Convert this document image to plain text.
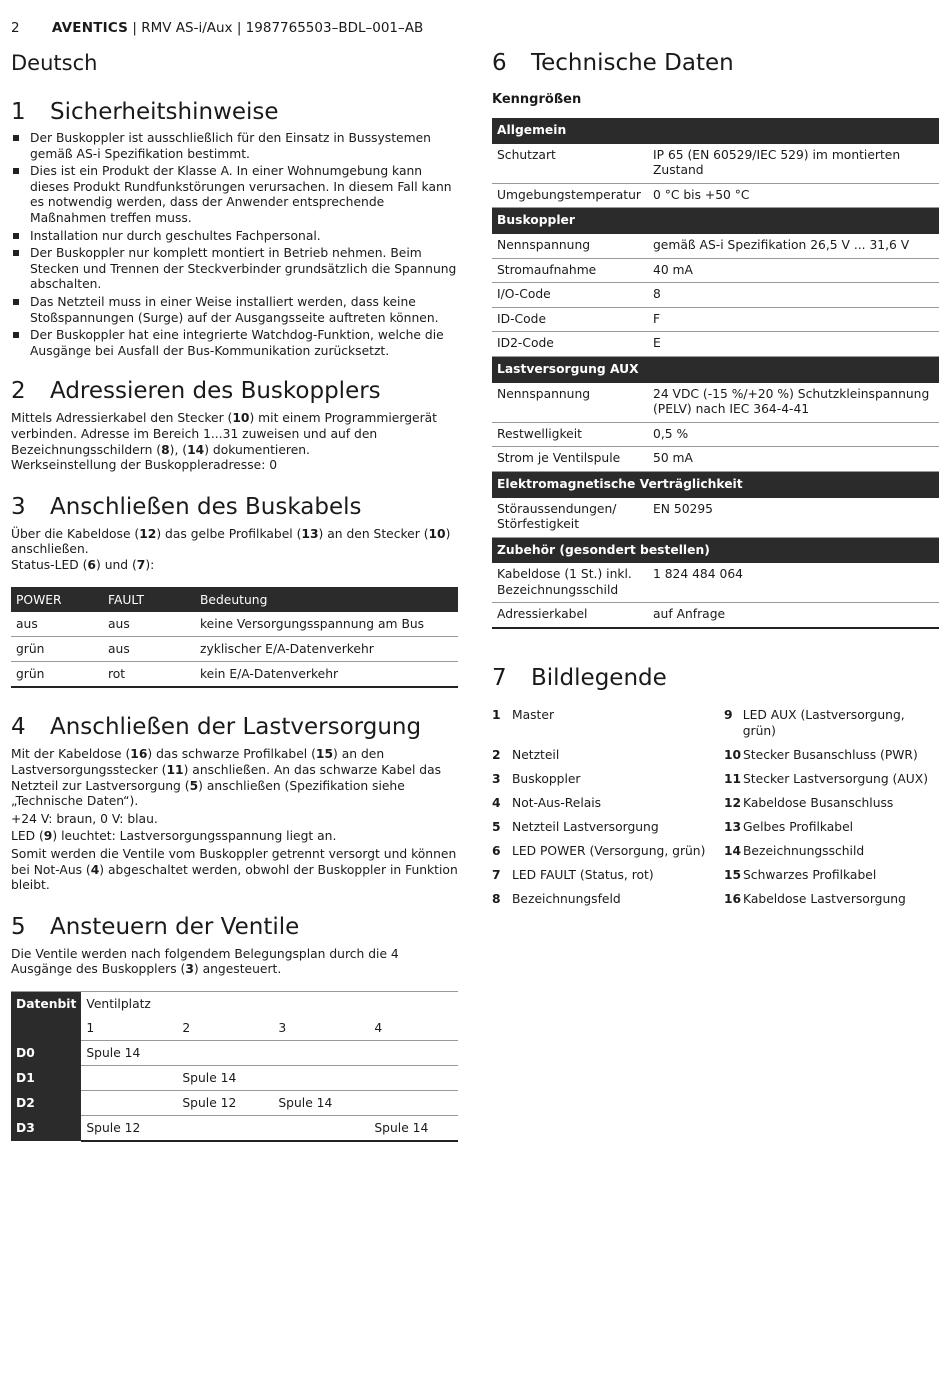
2 AVENTICS | RMV AS-i/Aux | 1987765503–BDL–001–AB
Deutsch
1	Sicherheitshinweise
Der Buskoppler ist ausschließlich für den Einsatz in Bussystemen gemäß AS-i Spezifikation bestimmt.
Dies ist ein Produkt der Klasse A. In einer Wohnumgebung kann dieses Produkt Rundfunkstörungen verursachen. In diesem Fall kann es notwendig werden, dass der Anwender entsprechende Maßnahmen treffen muss.
Installation nur durch geschultes Fachpersonal.
Der Buskoppler nur komplett montiert in Betrieb nehmen. Beim Stecken und Trennen der Steckverbinder grundsätzlich die Spannung abschalten.
Das Netzteil muss in einer Weise installiert werden, dass keine Stoßspannungen (Surge) auf der Ausgangsseite auftreten können.
Der Buskoppler hat eine integrierte Watchdog-Funktion, welche die Ausgänge bei Ausfall der Bus-Kommunikation zurücksetzt.
2	Adressieren des Buskopplers

Mittels Adressierkabel den Stecker (10) mit einem Programmiergerät verbinden. Adresse im Bereich 1...31 zuweisen und auf den Bezeichnungsschildern (8), (14) dokumentieren.

Werkseinstellung der Buskoppleradresse: 0

3	Anschließen des Buskabels

Über die Kabeldose (12) das gelbe Profilkabel (13) an den Stecker (10) anschließen.

Status-LED (6) und (7):

POWER	FAULT	Bedeutung
aus	aus	keine Versorgungsspannung am Bus
grün	aus	zyklischer E/A-Datenverkehr
grün	rot	kein E/A-Datenverkehr
4	Anschließen der Lastversorgung

Mit der Kabeldose (16) das schwarze Profilkabel (15) an den Lastversorgungsstecker (11) anschließen. An das schwarze Kabel das Netzteil zur Lastversorgung (5) anschließen (Spezifikation siehe „Technische Daten“).

+24 V: braun, 0 V: blau.

LED (9) leuchtet: Lastversorgungsspannung liegt an.

Somit werden die Ventile vom Buskoppler getrennt versorgt und können bei Not-Aus (4) abgeschaltet werden, obwohl der Buskoppler in Funktion bleibt.

5	Ansteuern der Ventile

Die Ventile werden nach folgendem Belegungsplan durch die 4 Ausgänge des Buskopplers (3) angesteuert.

Datenbit	Ventilplatz			
	1	2	3	4
D0	Spule 14			
D1		Spule 14		
D2		Spule 12	Spule 14	
D3	Spule 12			Spule 14
6	Technische Daten
Kenngrößen
Allgemein	
Schutzart	IP 65 (EN 60529/IEC 529) im montierten Zustand
Umgebungstemperatur	0 °C bis +50 °C
Buskoppler	
Nennspannung	gemäß AS-i Spezifikation 26,5 V ... 31,6 V
Stromaufnahme	40 mA
I/O-Code	8
ID-Code	F
ID2-Code	E
Lastversorgung AUX	
Nennspannung	24 VDC (-15 %/+20 %) Schutzkleinspannung (PELV) nach IEC 364-4-41
Restwelligkeit	0,5 %
Strom je Ventilspule	50 mA
Elektromagnetische Verträglichkeit	
Störaussendungen/ Störfestigkeit	EN 50295
Zubehör (gesondert bestellen)	
Kabeldose (1 St.) inkl. Bezeichnungsschild	1 824 484 064
Adressierkabel	auf Anfrage
7	Bildlegende
1 Master	9 LED AUX (Lastversorgung, grün)
2 Netzteil	10 Stecker Busanschluss (PWR)
3 Buskoppler	11 Stecker Lastversorgung (AUX)
4 Not-Aus-Relais	12 Kabeldose Busanschluss
5 Netzteil Lastversorgung	13 Gelbes Profilkabel
6 LED POWER (Versorgung, grün) 14 Bezeichnungsschild
7 LED FAULT (Status, rot)	15 Schwarzes Profilkabel
8 Bezeichnungsfeld	16 Kabeldose Lastversorgung
